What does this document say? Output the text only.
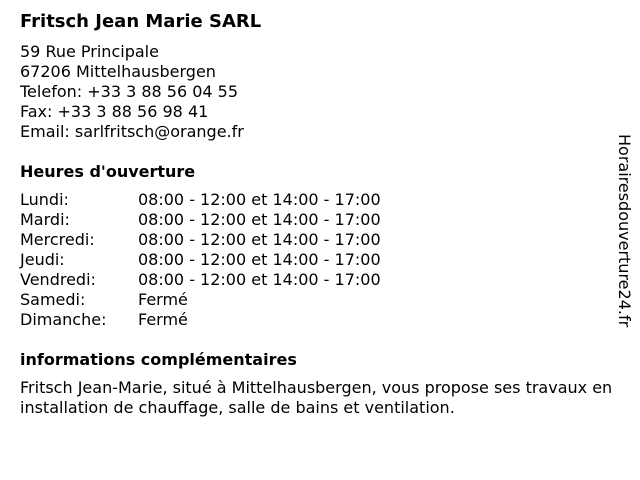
Fritsch Jean Marie SARL
59 Rue Principale
67206 Mittelhausbergen
Telefon: +33 3 88 56 04 55
Fax: +33 3 88 56 98 41
Email: sarlfritsch@orange.fr
Heures d'ouverture
Lundi:	08:00 - 12:00 et 14:00 - 17:00
Mardi:	08:00 - 12:00 et 14:00 - 17:00
Mercredi:	08:00 - 12:00 et 14:00 - 17:00
Jeudi:	08:00 - 12:00 et 14:00 - 17:00
Vendredi:	08:00 - 12:00 et 14:00 - 17:00
Samedi:	Fermé
Dimanche: Fermé
informations complémentaires
Fritsch Jean-Marie, situé à Mittelhausbergen, vous propose ses travaux en installation de chauffage, salle de bains et ventilation.
Horairesdouverture24.fr
